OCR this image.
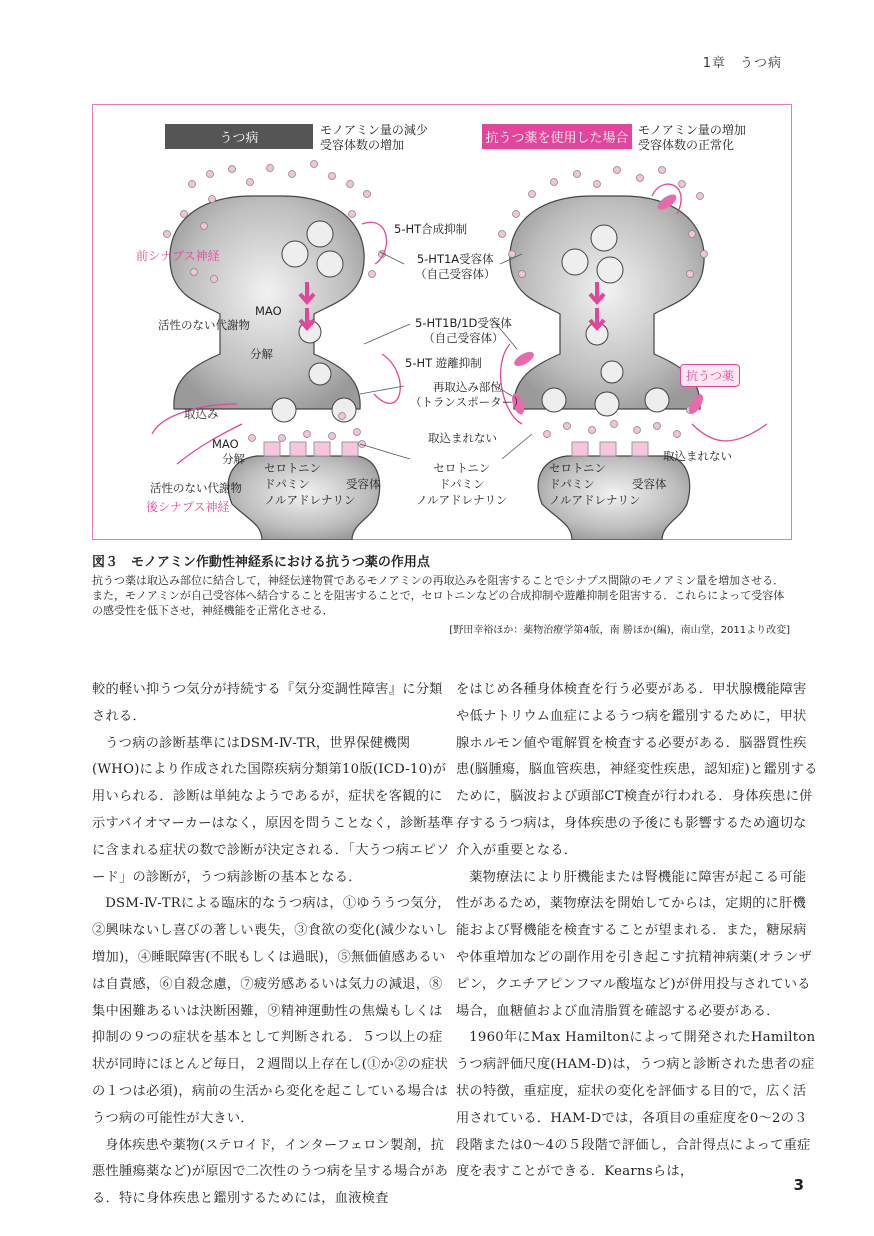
1章　うつ病
うつ病
モノアミン量の減少
受容体数の増加	抗うつ薬を使用した場合
モノアミン量の増加
受容体数の正常化
前シナプス神経
後シナプス神経
5-HT合成抑制
5-HT1A受容体
（自己受容体）
5-HT1B/1D受容体
（自己受容体）
5-HT 遊離抑制
再取込み部位
（トランスポーター）
取込まれない
取込まれない
活性のない代謝物
MAO
分解
取込み
MAO
分解
活性のない代謝物
セロトニン
ドパミン
ノルアドレナリン
受容体
セロトニン
ドパミン
ノルアドレナリン
セロトニン
ドパミン
ノルアドレナリン
受容体
抗うつ薬
図３　モノアミン作動性神経系における抗うつ薬の作用点
抗うつ薬は取込み部位に結合して，神経伝達物質であるモノアミンの再取込みを阻害することでシナプス間隙のモノアミン量を増加させる．また，モノアミンが自己受容体へ結合することを阻害することで，セロトニンなどの合成抑制や遊離抑制を阻害する．これらによって受容体の感受性を低下させ，神経機能を正常化させる．
[野田幸裕ほか：薬物治療学第4版，南 勝ほか(編)，南山堂，2011より改変]

較的軽い抑うつ気分が持続する『気分変調性障害』に分類される．

うつ病の診断基準にはDSM-Ⅳ-TR，世界保健機関(WHO)により作成された国際疾病分類第10版(ICD-10)が用いられる．診断は単純なようであるが，症状を客観的に示すバイオマーカーはなく，原因を問うことなく，診断基準に含まれる症状の数で診断が決定される．「大うつ病エピソード」の診断が，うつ病診断の基本となる．

DSM-Ⅳ-TRによる臨床的なうつ病は，①ゆううつ気分，②興味ないし喜びの著しい喪失，③食欲の変化(減少ないし増加)，④睡眠障害(不眠もしくは過眠)，⑤無価値感あるいは自責感，⑥自殺念慮，⑦疲労感あるいは気力の減退，⑧集中困難あるいは決断困難，⑨精神運動性の焦燥もしくは抑制の９つの症状を基本として判断される．５つ以上の症状が同時にほとんど毎日，２週間以上存在し(①か②の症状の１つは必須)，病前の生活から変化を起こしている場合はうつ病の可能性が大きい．

身体疾患や薬物(ステロイド，インターフェロン製剤，抗悪性腫瘍薬など)が原因で二次性のうつ病を呈する場合がある．特に身体疾患と鑑別するためには，血液検査

をはじめ各種身体検査を行う必要がある．甲状腺機能障害や低ナトリウム血症によるうつ病を鑑別するために，甲状腺ホルモン値や電解質を検査する必要がある．脳器質性疾患(脳腫瘍，脳血管疾患，神経変性疾患，認知症)と鑑別するために，脳波および頭部CT検査が行われる．身体疾患に併存するうつ病は，身体疾患の予後にも影響するため適切な介入が重要となる．

薬物療法により肝機能または腎機能に障害が起こる可能性があるため，薬物療法を開始してからは，定期的に肝機能および腎機能を検査することが望まれる．また，糖尿病や体重増加などの副作用を引き起こす抗精神病薬(オランザピン，クエチアピンフマル酸塩など)が併用投与されている場合，血糖値および血清脂質を確認する必要がある．

1960年にMax Hamiltonによって開発されたHamiltonうつ病評価尺度(HAM-D)は，うつ病と診断された患者の症状の特徴，重症度，症状の変化を評価する目的で，広く活用されている．HAM-Dでは，各項目の重症度を0〜2の３段階または0〜4の５段階で評価し，合計得点によって重症度を表すことができる．Kearnsらは，

3
